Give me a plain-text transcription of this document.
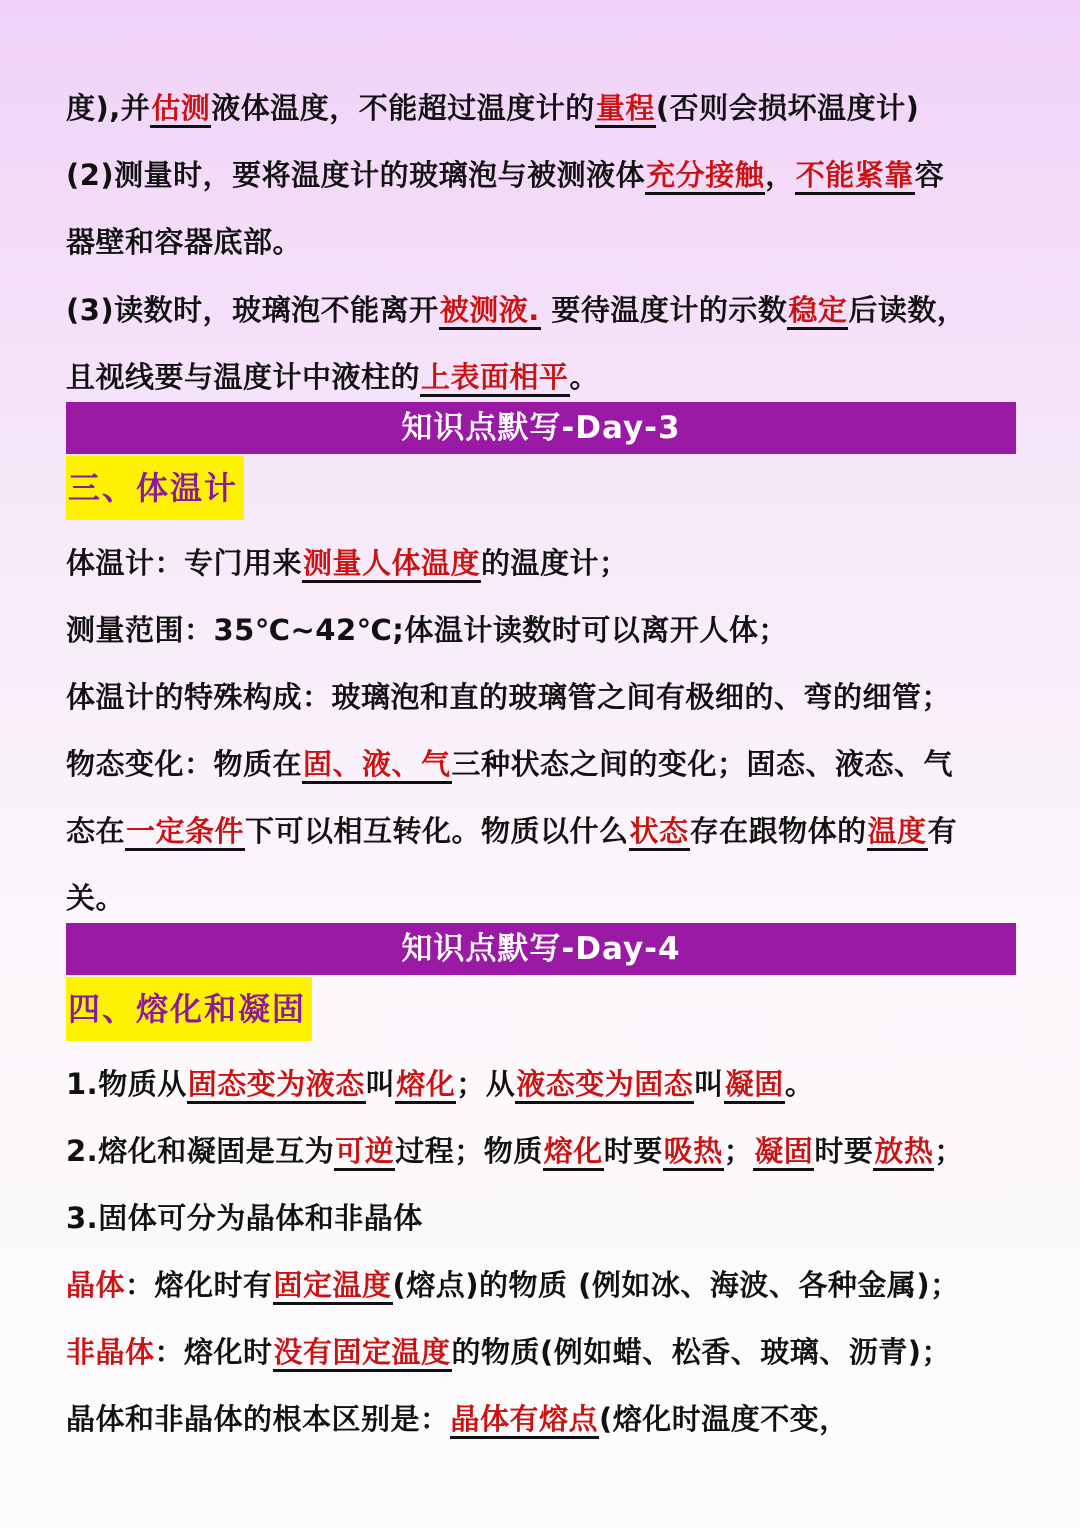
度),并估测液体温度，不能超过温度计的量程(否则会损坏温度计)
(2)测量时，要将温度计的玻璃泡与被测液体充分接触，不能紧靠容
器壁和容器底部。
(3)读数时，玻璃泡不能离开被测液. 要待温度计的示数稳定后读数，
且视线要与温度计中液柱的上表面相平。
知识点默写-Day-3
三、体温计
体温计：专门用来测量人体温度的温度计；
测量范围：35℃~42℃;体温计读数时可以离开人体；
体温计的特殊构成：玻璃泡和直的玻璃管之间有极细的、弯的细管；
物态变化：物质在固、液、气三种状态之间的变化；固态、液态、气
态在一定条件下可以相互转化。物质以什么状态存在跟物体的温度有
关。
知识点默写-Day-4
四、熔化和凝固
1.物质从固态变为液态叫熔化；从液态变为固态叫凝固。
2.熔化和凝固是互为可逆过程；物质熔化时要吸热；凝固时要放热；
3.固体可分为晶体和非晶体
晶体：熔化时有固定温度(熔点)的物质 (例如冰、海波、各种金属)；
非晶体：熔化时没有固定温度的物质(例如蜡、松香、玻璃、沥青)；
晶体和非晶体的根本区别是：晶体有熔点(熔化时温度不变，
